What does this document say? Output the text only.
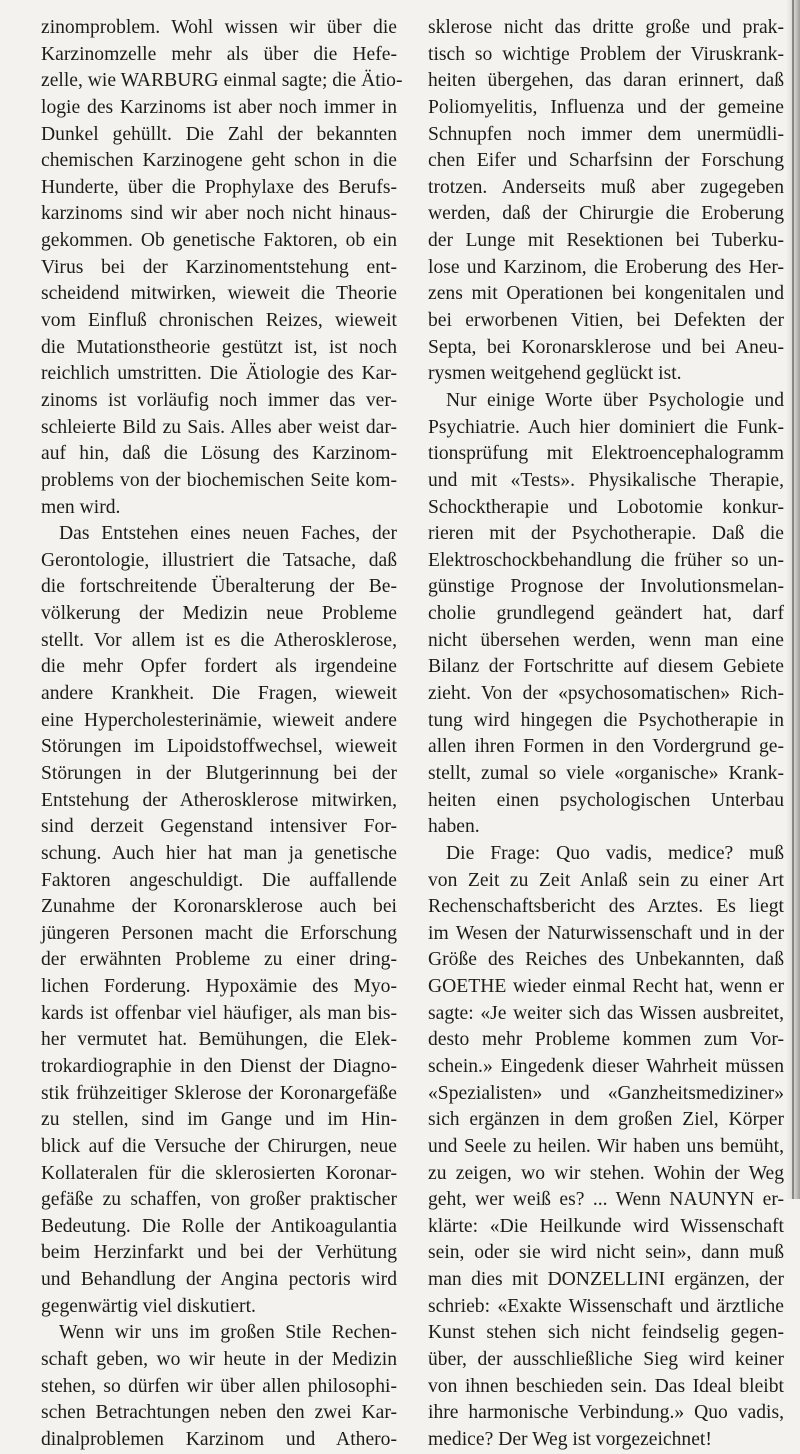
zinomproblem. Wohl wissen wir über die
Karzinomzelle mehr als über die Hefe-
zelle, wie WARBURG einmal sagte; die Ätio-
logie des Karzinoms ist aber noch immer in
Dunkel gehüllt. Die Zahl der bekannten
chemischen Karzinogene geht schon in die
Hunderte, über die Prophylaxe des Berufs-
karzinoms sind wir aber noch nicht hinaus-
gekommen. Ob genetische Faktoren, ob ein
Virus bei der Karzinomentstehung ent-
scheidend mitwirken, wieweit die Theorie
vom Einfluß chronischen Reizes, wieweit
die Mutationstheorie gestützt ist, ist noch
reichlich umstritten. Die Ätiologie des Kar-
zinoms ist vorläufig noch immer das ver-
schleierte Bild zu Sais. Alles aber weist dar-
auf hin, daß die Lösung des Karzinom-
problems von der biochemischen Seite kom-
men wird.
Das Entstehen eines neuen Faches, der
Gerontologie, illustriert die Tatsache, daß
die fortschreitende Überalterung der Be-
völkerung der Medizin neue Probleme
stellt. Vor allem ist es die Atherosklerose,
die mehr Opfer fordert als irgendeine
andere Krankheit. Die Fragen, wieweit
eine Hypercholesterinämie, wieweit andere
Störungen im Lipoidstoffwechsel, wieweit
Störungen in der Blutgerinnung bei der
Entstehung der Atherosklerose mitwirken,
sind derzeit Gegenstand intensiver For-
schung. Auch hier hat man ja genetische
Faktoren angeschuldigt. Die auffallende
Zunahme der Koronarsklerose auch bei
jüngeren Personen macht die Erforschung
der erwähnten Probleme zu einer dring-
lichen Forderung. Hypoxämie des Myo-
kards ist offenbar viel häufiger, als man bis-
her vermutet hat. Bemühungen, die Elek-
trokardiographie in den Dienst der Diagno-
stik frühzeitiger Sklerose der Koronargefäße
zu stellen, sind im Gange und im Hin-
blick auf die Versuche der Chirurgen, neue
Kollateralen für die sklerosierten Koronar-
gefäße zu schaffen, von großer praktischer
Bedeutung. Die Rolle der Antikoagulantia
beim Herzinfarkt und bei der Verhütung
und Behandlung der Angina pectoris wird
gegenwärtig viel diskutiert.
Wenn wir uns im großen Stile Rechen-
schaft geben, wo wir heute in der Medizin
stehen, so dürfen wir über allen philosophi-
schen Betrachtungen neben den zwei Kar-
dinalproblemen Karzinom und Athero-
sklerose nicht das dritte große und prak-
tisch so wichtige Problem der Viruskrank-
heiten übergehen, das daran erinnert, daß
Poliomyelitis, Influenza und der gemeine
Schnupfen noch immer dem unermüdli-
chen Eifer und Scharfsinn der Forschung
trotzen. Anderseits muß aber zugegeben
werden, daß der Chirurgie die Eroberung
der Lunge mit Resektionen bei Tuberku-
lose und Karzinom, die Eroberung des Her-
zens mit Operationen bei kongenitalen und
bei erworbenen Vitien, bei Defekten der
Septa, bei Koronarsklerose und bei Aneu-
rysmen weitgehend geglückt ist.
Nur einige Worte über Psychologie und
Psychiatrie. Auch hier dominiert die Funk-
tionsprüfung mit Elektroencephalogramm
und mit «Tests». Physikalische Therapie,
Schocktherapie und Lobotomie konkur-
rieren mit der Psychotherapie. Daß die
Elektroschockbehandlung die früher so un-
günstige Prognose der Involutionsmelan-
cholie grundlegend geändert hat, darf
nicht übersehen werden, wenn man eine
Bilanz der Fortschritte auf diesem Gebiete
zieht. Von der «psychosomatischen» Rich-
tung wird hingegen die Psychotherapie in
allen ihren Formen in den Vordergrund ge-
stellt, zumal so viele «organische» Krank-
heiten einen psychologischen Unterbau
haben.
Die Frage: Quo vadis, medice? muß
von Zeit zu Zeit Anlaß sein zu einer Art
Rechenschaftsbericht des Arztes. Es liegt
im Wesen der Naturwissenschaft und in der
Größe des Reiches des Unbekannten, daß
GOETHE wieder einmal Recht hat, wenn er
sagte: «Je weiter sich das Wissen ausbreitet,
desto mehr Probleme kommen zum Vor-
schein.» Eingedenk dieser Wahrheit müssen
«Spezialisten» und «Ganzheitsmediziner»
sich ergänzen in dem großen Ziel, Körper
und Seele zu heilen. Wir haben uns bemüht,
zu zeigen, wo wir stehen. Wohin der Weg
geht, wer weiß es? ... Wenn NAUNYN er-
klärte: «Die Heilkunde wird Wissenschaft
sein, oder sie wird nicht sein», dann muß
man dies mit DONZELLINI ergänzen, der
schrieb: «Exakte Wissenschaft und ärztliche
Kunst stehen sich nicht feindselig gegen-
über, der ausschließliche Sieg wird keiner
von ihnen beschieden sein. Das Ideal bleibt
ihre harmonische Verbindung.» Quo vadis,
medice? Der Weg ist vorgezeichnet!
